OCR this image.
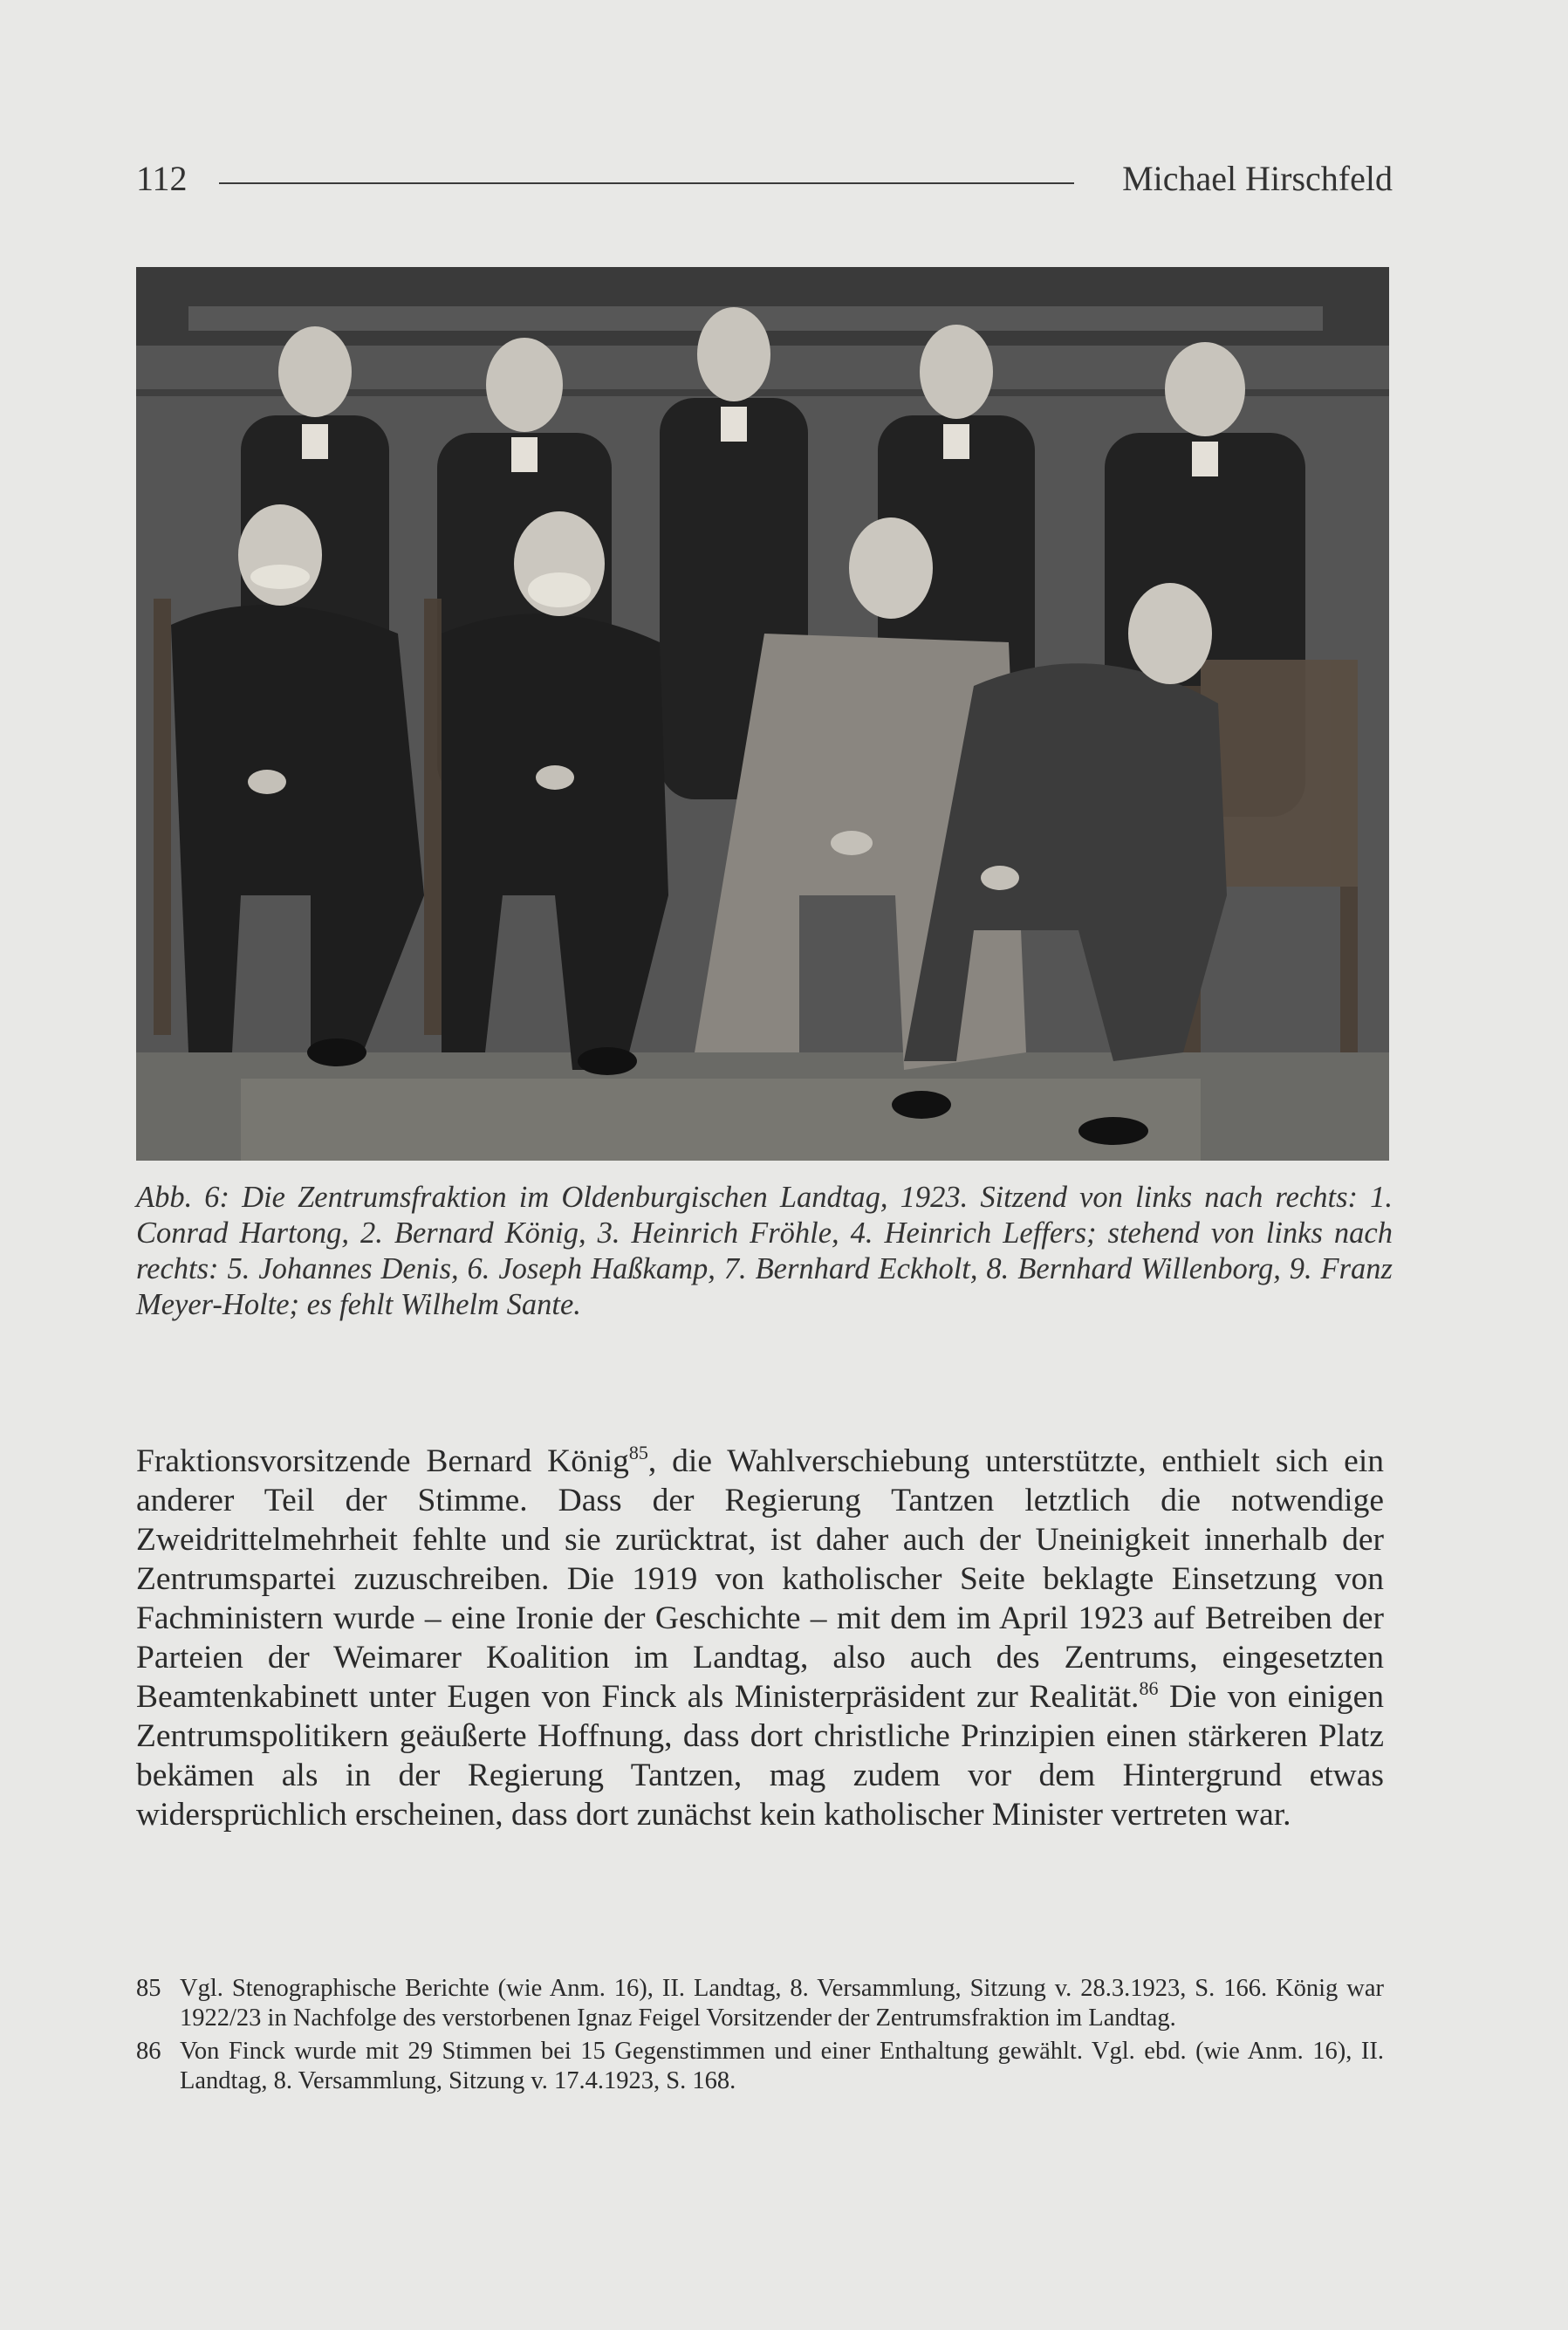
112	Michael Hirschfeld
Abb. 6: Die Zentrumsfraktion im Oldenburgischen Landtag, 1923. Sitzend von links nach rechts: 1. Conrad Hartong, 2. Bernard König, 3. Heinrich Fröhle, 4. Heinrich Leffers; stehend von links nach rechts: 5. Johannes Denis, 6. Joseph Haßkamp, 7. Bernhard Eckholt, 8. Bernhard Willenborg, 9. Franz Meyer-Holte; es fehlt Wilhelm Sante.
Fraktionsvorsitzende Bernard König$^{85}$, die Wahlverschiebung unterstützte, enthielt sich ein anderer Teil der Stimme. Dass der Regierung Tantzen letztlich die notwendige Zweidrittelmehrheit fehlte und sie zurücktrat, ist daher auch der Uneinigkeit innerhalb der Zentrumspartei zuzuschreiben. Die 1919 von katholischer Seite beklagte Einsetzung von Fachministern wurde – eine Ironie der Geschichte – mit dem im April 1923 auf Betreiben der Parteien der Weimarer Koalition im Landtag, also auch des Zentrums, eingesetzten Beamtenkabinett unter Eugen von Finck als Ministerpräsident zur Realität.$^{86}$ Die von einigen Zentrumspolitikern geäußerte Hoffnung, dass dort christliche Prinzipien einen stärkeren Platz bekämen als in der Regierung Tantzen, mag zudem vor dem Hintergrund etwas widersprüchlich erscheinen, dass dort zunächst kein katholischer Minister vertreten war.
85 Vgl. Stenographische Berichte (wie Anm. 16), II. Landtag, 8. Versammlung, Sitzung v. 28.3.1923, S. 166. König war 1922/23 in Nachfolge des verstorbenen Ignaz Feigel Vorsitzender der Zentrumsfraktion im Landtag.
86 Von Finck wurde mit 29 Stimmen bei 15 Gegenstimmen und einer Enthaltung gewählt. Vgl. ebd. (wie Anm. 16), II. Landtag, 8. Versammlung, Sitzung v. 17.4.1923, S. 168.
